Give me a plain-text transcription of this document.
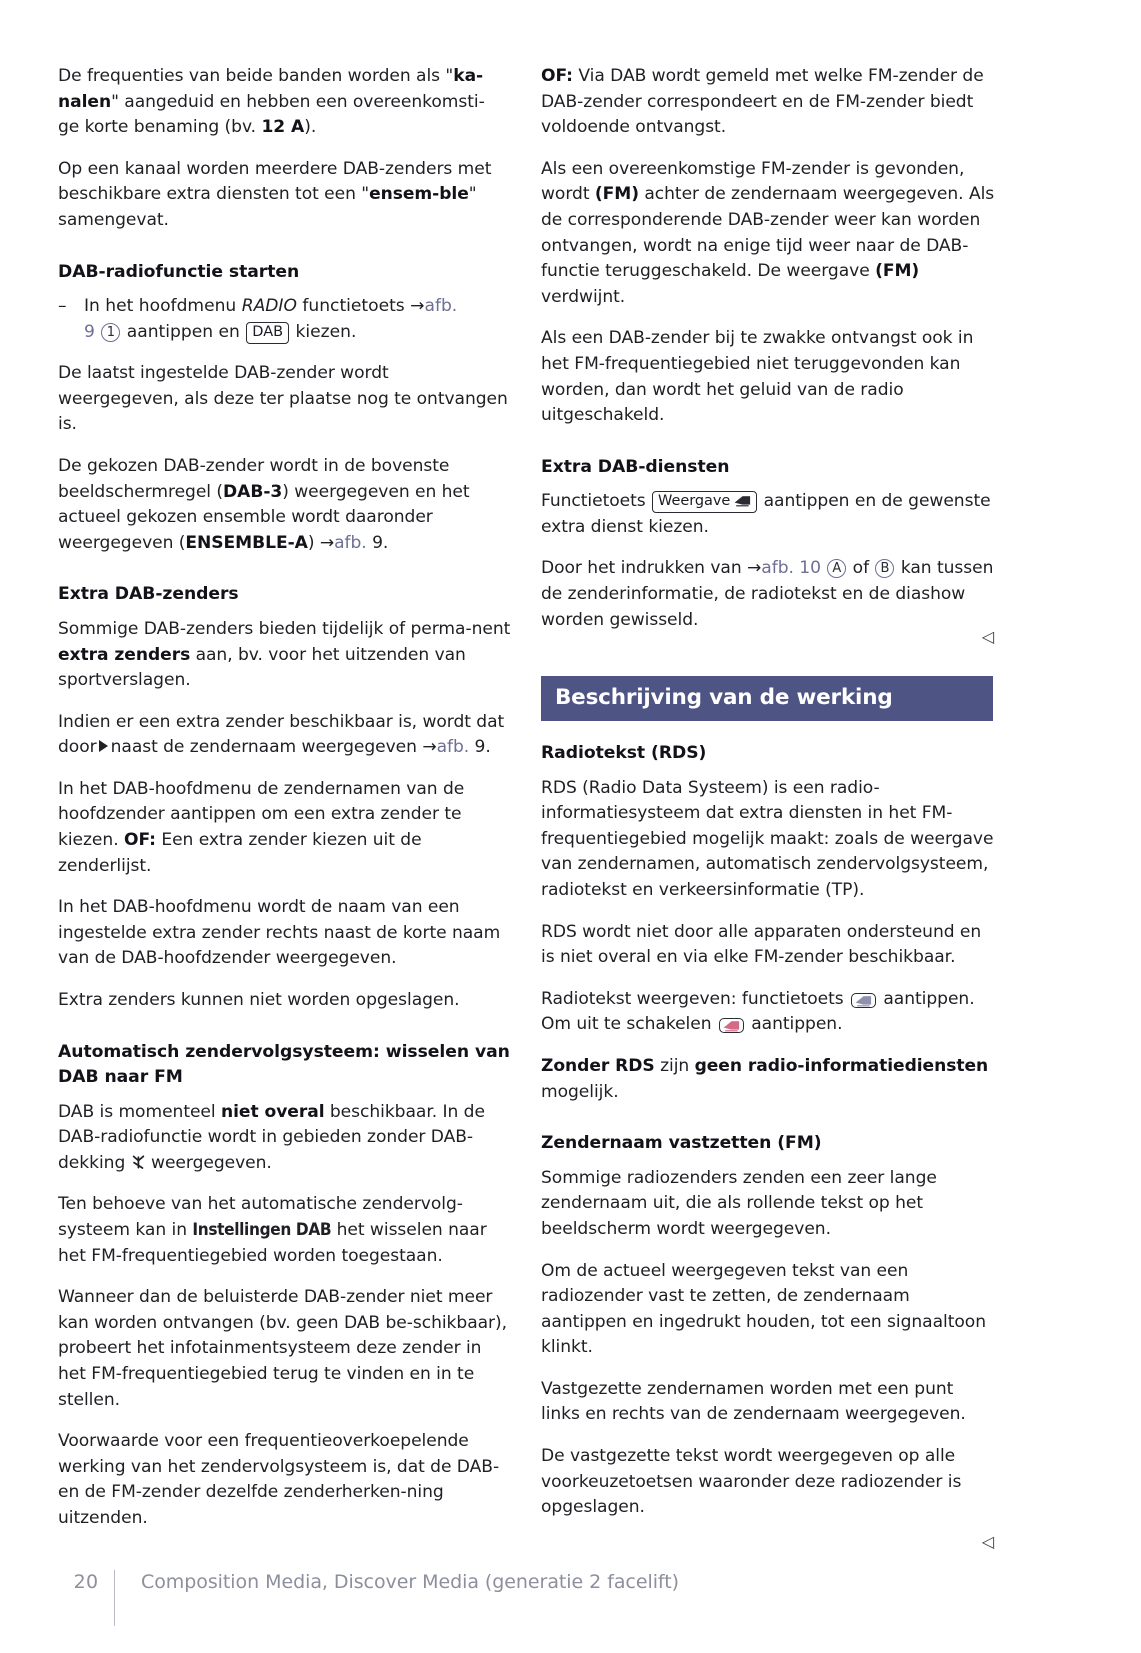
De frequenties van beide banden worden als "ka-
nalen" aangeduid en hebben een overeenkomsti-
ge korte benaming (bv. 12 A).

Op een kanaal worden meerdere DAB-zenders met beschikbare extra diensten tot een "ensem-ble" samengevat.

DAB-radiofunctie starten
– In het hoofdmenu RADIO functietoets →afb.
9 1 aantippen en DAB kiezen.

De laatst ingestelde DAB-zender wordt weergegeven, als deze ter plaatse nog te ontvangen is.

De gekozen DAB-zender wordt in de bovenste beeldschermregel (DAB-3) weergegeven en het actueel gekozen ensemble wordt daaronder weergegeven (ENSEMBLE-A) →afb. 9.

Extra DAB-zenders

Sommige DAB-zenders bieden tijdelijk of perma-nent extra zenders aan, bv. voor het uitzenden van sportverslagen.

Indien er een extra zender beschikbaar is, wordt dat door naast de zendernaam weergegeven →afb. 9.

In het DAB-hoofdmenu de zendernamen van de hoofdzender aantippen om een extra zender te kiezen. OF: Een extra zender kiezen uit de zenderlijst.

In het DAB-hoofdmenu wordt de naam van een ingestelde extra zender rechts naast de korte naam van de DAB-hoofdzender weergegeven.

Extra zenders kunnen niet worden opgeslagen.

Automatisch zendervolgsysteem: wisselen van DAB naar FM

DAB is momenteel niet overal beschikbaar. In de DAB-radiofunctie wordt in gebieden zonder DAB-dekking  weergegeven.

Ten behoeve van het automatische zendervolg-systeem kan in Instellingen DAB het wisselen naar het FM-frequentiegebied worden toegestaan.

Wanneer dan de beluisterde DAB-zender niet meer kan worden ontvangen (bv. geen DAB be-schikbaar), probeert het infotainmentsysteem deze zender in het FM-frequentiegebied terug te vinden en in te stellen.

Voorwaarde voor een frequentieoverkoepelende werking van het zendervolgsysteem is, dat de DAB- en de FM-zender dezelfde zenderherken-ning uitzenden.

OF: Via DAB wordt gemeld met welke FM-zender de DAB-zender correspondeert en de FM-zender biedt voldoende ontvangst.

Als een overeenkomstige FM-zender is gevonden, wordt (FM) achter de zendernaam weergegeven. Als de corresponderende DAB-zender weer kan worden ontvangen, wordt na enige tijd weer naar de DAB-functie teruggeschakeld. De weergave (FM) verdwijnt.

Als een DAB-zender bij te zwakke ontvangst ook in het FM-frequentiegebied niet teruggevonden kan worden, dan wordt het geluid van de radio uitgeschakeld.

Extra DAB-diensten

Functietoets Weergave aantippen en de gewenste extra dienst kiezen.

Door het indrukken van →afb. 10 A of B kan tussen de zenderinformatie, de radiotekst en de diashow worden gewisseld.

◁
Beschrijving van de werking
Radiotekst (RDS)

RDS (Radio Data Systeem) is een radio-informatiesysteem dat extra diensten in het FM-frequentiegebied mogelijk maakt: zoals de weergave van zendernamen, automatisch zendervolgsysteem, radiotekst en verkeersinformatie (TP).

RDS wordt niet door alle apparaten ondersteund en is niet overal en via elke FM-zender beschikbaar.

Radiotekst weergeven: functietoets  aantippen. Om uit te schakelen  aantippen.

Zonder RDS zijn geen radio-informatiediensten mogelijk.

Zendernaam vastzetten (FM)

Sommige radiozenders zenden een zeer lange zendernaam uit, die als rollende tekst op het beeldscherm wordt weergegeven.

Om de actueel weergegeven tekst van een radiozender vast te zetten, de zendernaam aantippen en ingedrukt houden, tot een signaaltoon klinkt.

Vastgezette zendernamen worden met een punt links en rechts van de zendernaam weergegeven.

De vastgezette tekst wordt weergegeven op alle voorkeuzetoetsen waaronder deze radiozender is opgeslagen.

◁
20	Composition Media, Discover Media (generatie 2 facelift)
